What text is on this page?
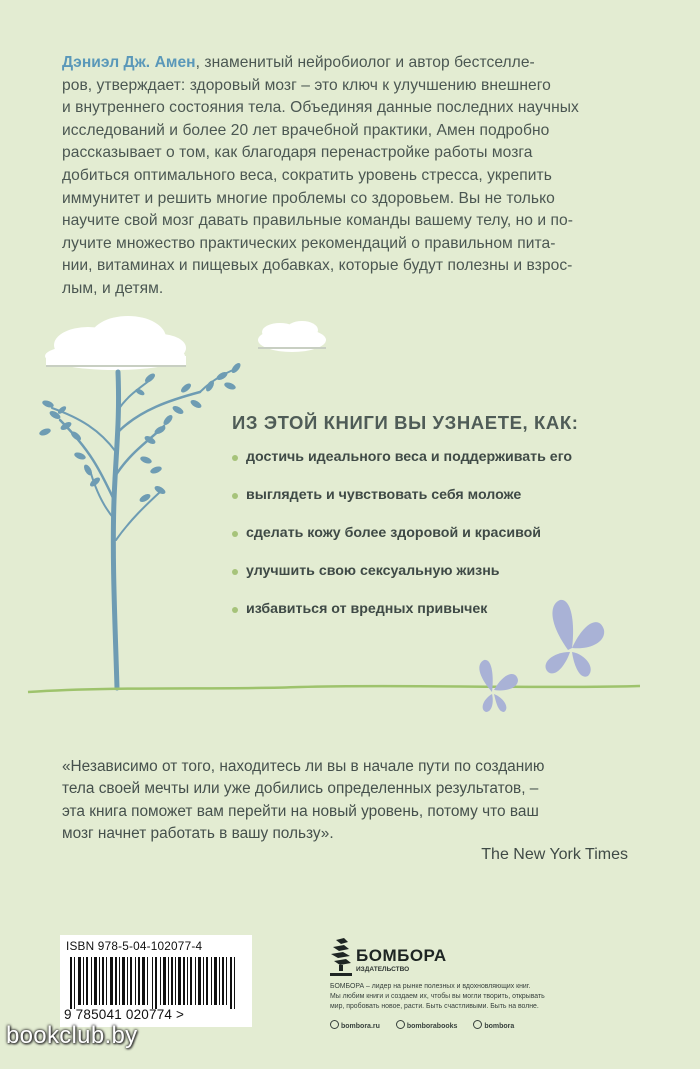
Дэниэл Дж. Амен, знаменитый нейробиолог и автор бестселле-
ров, утверждает: здоровый мозг – это ключ к улучшению внешнего
и внутреннего состояния тела. Объединяя данные последних научных
исследований и более 20 лет врачебной практики, Амен подробно
рассказывает о том, как благодаря перенастройке работы мозга
добиться оптимального веса, сократить уровень стресса, укрепить
иммунитет и решить многие проблемы со здоровьем. Вы не только
научите свой мозг давать правильные команды вашему телу, но и по-
лучите множество практических рекомендаций о правильном пита-
нии, витаминах и пищевых добавках, которые будут полезны и взрос-
лым, и детям.
ИЗ ЭТОЙ КНИГИ ВЫ УЗНАЕТЕ, КАК:
достичь идеального веса и поддерживать его
выглядеть и чувствовать себя моложе
сделать кожу более здоровой и красивой
улучшить свою сексуальную жизнь
избавиться от вредных привычек
«Независимо от того, находитесь ли вы в начале пути по созданию
тела своей мечты или уже добились определенных результатов, –
эта книга поможет вам перейти на новый уровень, потому что ваш
мозг начнет работать в вашу пользу».
The New York Times
ISBN 978-5-04-102077-4
9 785041 020774 >
БОМБОРА
ИЗДАТЕЛЬСТВО
БОМБОРА – лидер на рынке полезных и вдохновляющих книг.
Мы любим книги и создаем их, чтобы вы могли творить, открывать
мир, пробовать новое, расти. Быть счастливыми. Быть на волне.
bombora.ru	bomborabooks	bombora
bookclub.by
